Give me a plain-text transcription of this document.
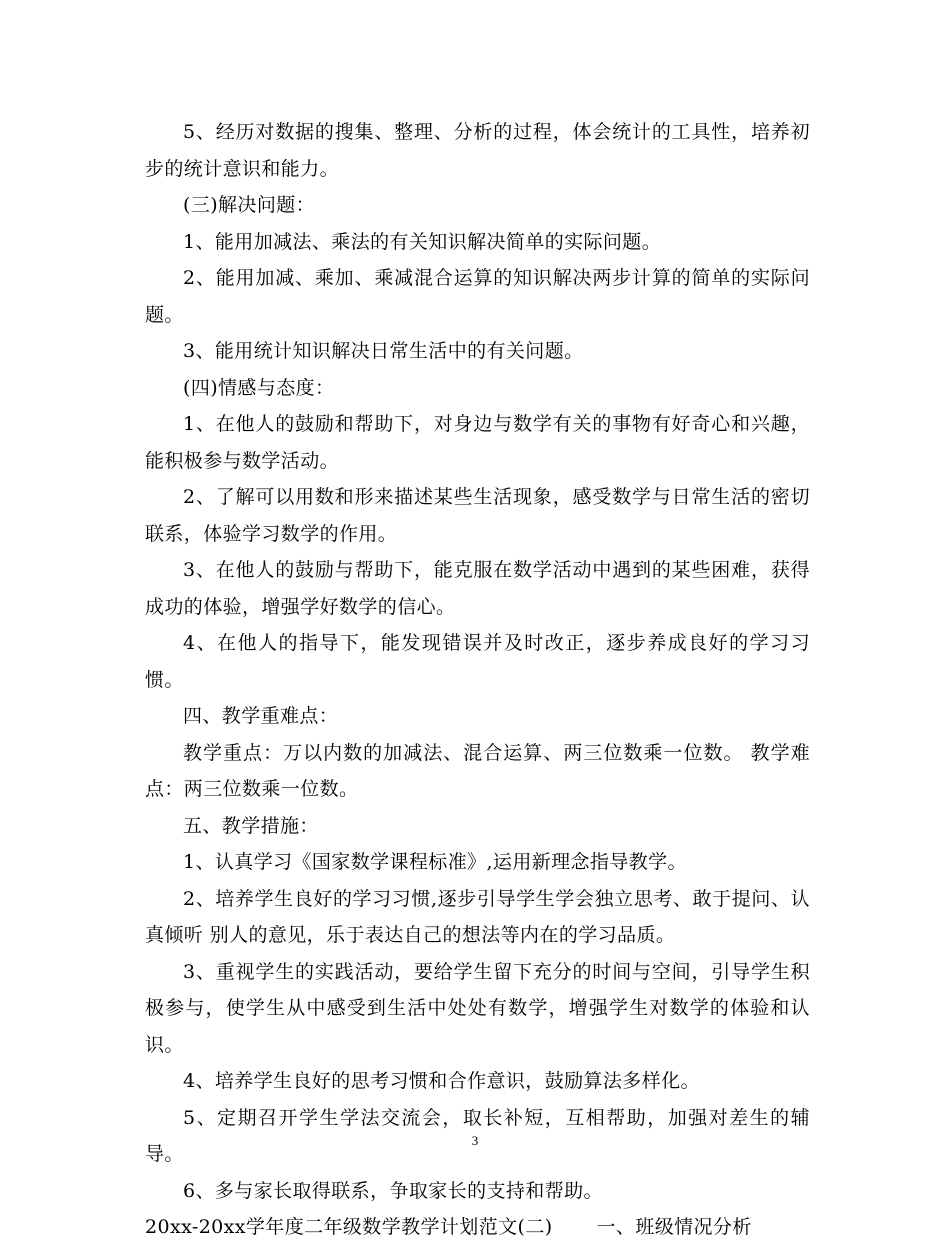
5、经历对数据的搜集、整理、分析的过程，体会统计的工具性，培养初步的统计意识和能力。

(三)解决问题：

1、能用加减法、乘法的有关知识解决简单的实际问题。

2、能用加减、乘加、乘减混合运算的知识解决两步计算的简单的实际问题。

3、能用统计知识解决日常生活中的有关问题。

(四)情感与态度：

1、在他人的鼓励和帮助下，对身边与数学有关的事物有好奇心和兴趣，能积极参与数学活动。

2、了解可以用数和形来描述某些生活现象，感受数学与日常生活的密切联系，体验学习数学的作用。

3、在他人的鼓励与帮助下，能克服在数学活动中遇到的某些困难，获得成功的体验，增强学好数学的信心。

4、在他人的指导下，能发现错误并及时改正，逐步养成良好的学习习惯。

四、教学重难点：

教学重点：万以内数的加减法、混合运算、两三位数乘一位数。 教学难点：两三位数乘一位数。

五、教学措施：

1、认真学习《国家数学课程标准》,运用新理念指导教学。

2、培养学生良好的学习习惯,逐步引导学生学会独立思考、敢于提问、认真倾听 别人的意见，乐于表达自己的想法等内在的学习品质。

3、重视学生的实践活动，要给学生留下充分的时间与空间，引导学生积极参与，使学生从中感受到生活中处处有数学，增强学生对数学的体验和认识。

4、培养学生良好的思考习惯和合作意识，鼓励算法多样化。

5、定期召开学生学法交流会，取长补短，互相帮助，加强对差生的辅导。

6、多与家长取得联系，争取家长的支持和帮助。

20xx-20xx学年度二年级数学教学计划范文(二) 一、班级情况分析

3
